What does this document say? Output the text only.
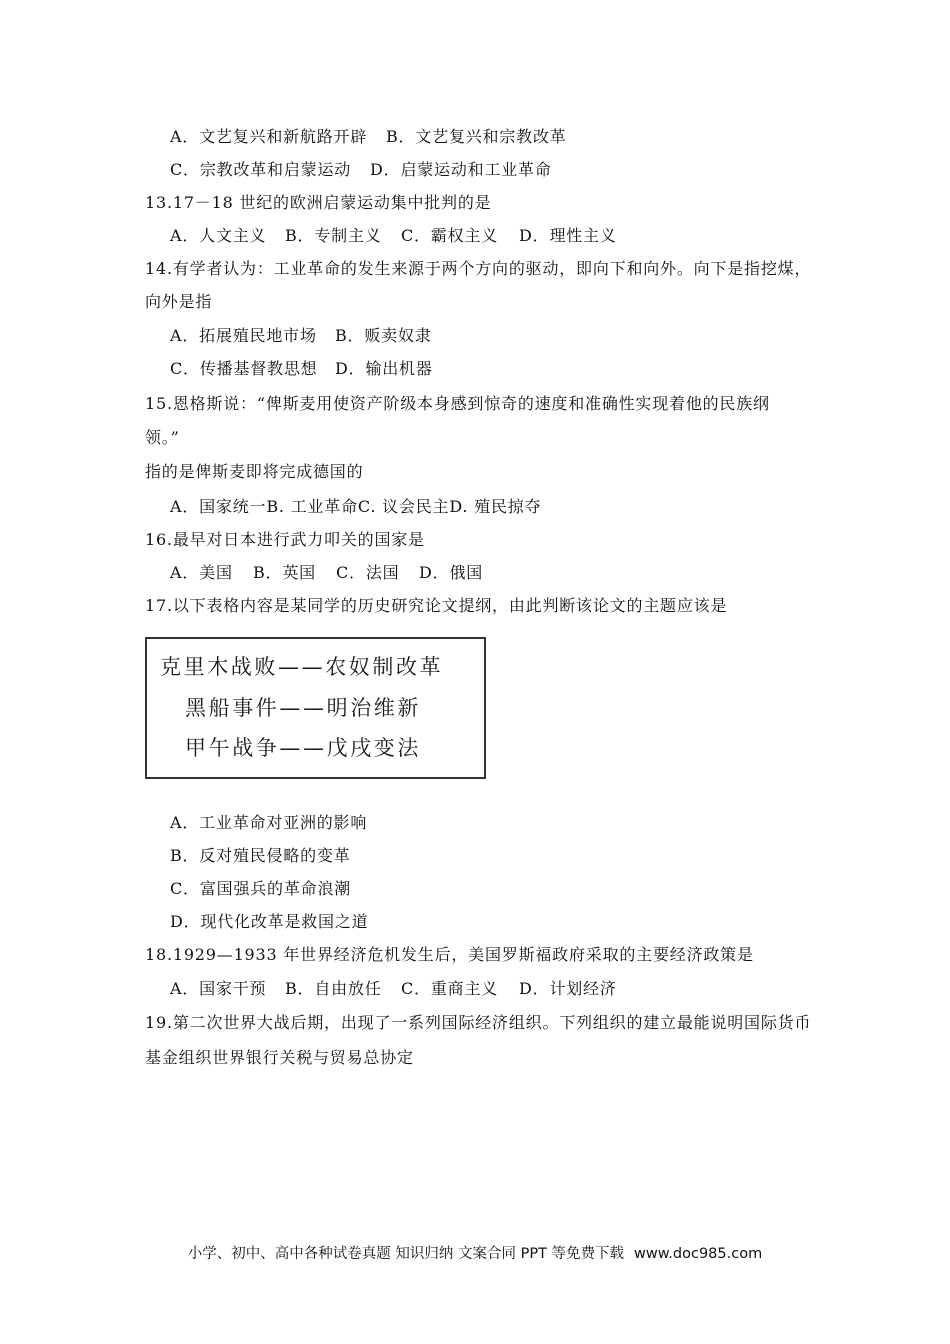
A．文艺复兴和新航路开辟

B．文艺复兴和宗教改革

C．宗教改革和启蒙运动

D．启蒙运动和工业革命

13.17－18 世纪的欧洲启蒙运动集中批判的是

A．人文主义

B．专制主义

C．霸权主义

D．理性主义

14.有学者认为：工业革命的发生来源于两个方向的驱动，即向下和向外。向下是指挖煤，
向外是指

A．拓展殖民地市场

B．贩卖奴隶

C．传播基督教思想

D．输出机器

15.恩格斯说：“俾斯麦用使资产阶级本身感到惊奇的速度和准确性实现着他的民族纲
领。”
指的是俾斯麦即将完成德国的
A．国家统一B. 工业革命C. 议会民主D. 殖民掠夺
16.最早对日本进行武力叩关的国家是

A．美国

B．英国

C．法国

D．俄国

17.以下表格内容是某同学的历史研究论文提纲，由此判断该论文的主题应该是
克里木战败——农奴制改革
黑船事件——明治维新
甲午战争——戊戌变法
A．工业革命对亚洲的影响
B．反对殖民侵略的变革
C．富国强兵的革命浪潮
D．现代化改革是救国之道
18.1929—1933 年世界经济危机发生后，美国罗斯福政府采取的主要经济政策是

A．国家干预

B．自由放任

C．重商主义

D．计划经济

19.第二次世界大战后期，出现了一系列国际经济组织。下列组织的建立最能说明国际货币
基金组织世界银行关税与贸易总协定
小学、初中、高中各种试卷真题 知识归纳 文案合同 PPT 等免费下载 www.doc985.com
